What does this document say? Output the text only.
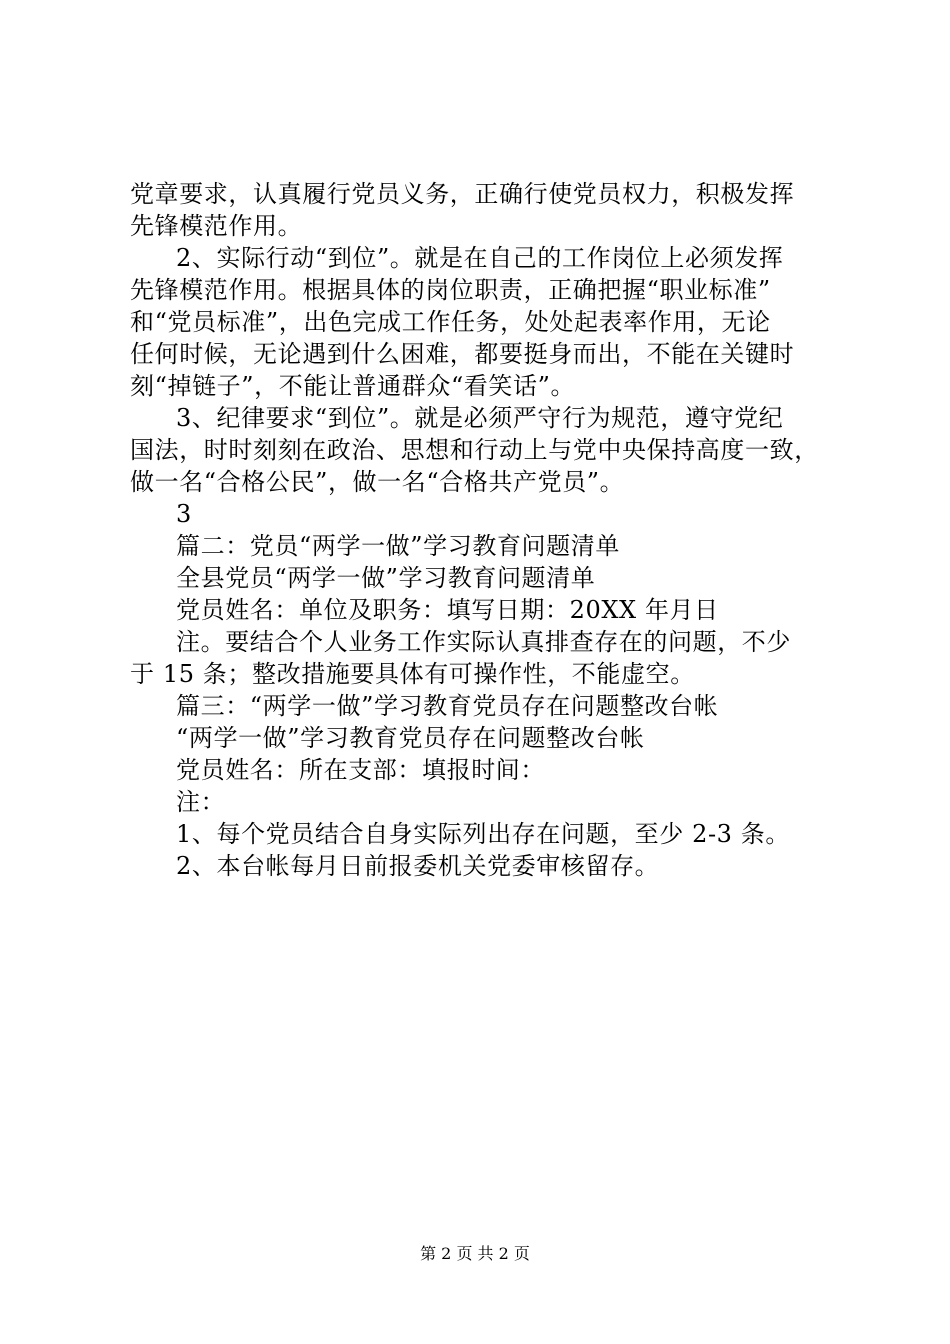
党章要求，认真履行党员义务，正确行使党员权力，积极发挥
先锋模范作用。
2、实际行动“到位”。就是在自己的工作岗位上必须发挥
先锋模范作用。根据具体的岗位职责，正确把握“职业标准”
和“党员标准”，出色完成工作任务，处处起表率作用，无论
任何时候，无论遇到什么困难，都要挺身而出，不能在关键时
刻“掉链子”，不能让普通群众“看笑话”。
3、纪律要求“到位”。就是必须严守行为规范，遵守党纪
国法，时时刻刻在政治、思想和行动上与党中央保持高度一致，
做一名“合格公民”，做一名“合格共产党员”。
3
篇二：党员“两学一做”学习教育问题清单
全县党员“两学一做”学习教育问题清单
党员姓名：单位及职务：填写日期：20XX 年月日
注。要结合个人业务工作实际认真排查存在的问题，不少
于 15 条；整改措施要具体有可操作性，不能虚空。
篇三：“两学一做”学习教育党员存在问题整改台帐
“两学一做”学习教育党员存在问题整改台帐
党员姓名：所在支部：填报时间：
注：
1、每个党员结合自身实际列出存在问题，至少 2-3 条。
2、本台帐每月日前报委机关党委审核留存。
第 2 页 共 2 页
